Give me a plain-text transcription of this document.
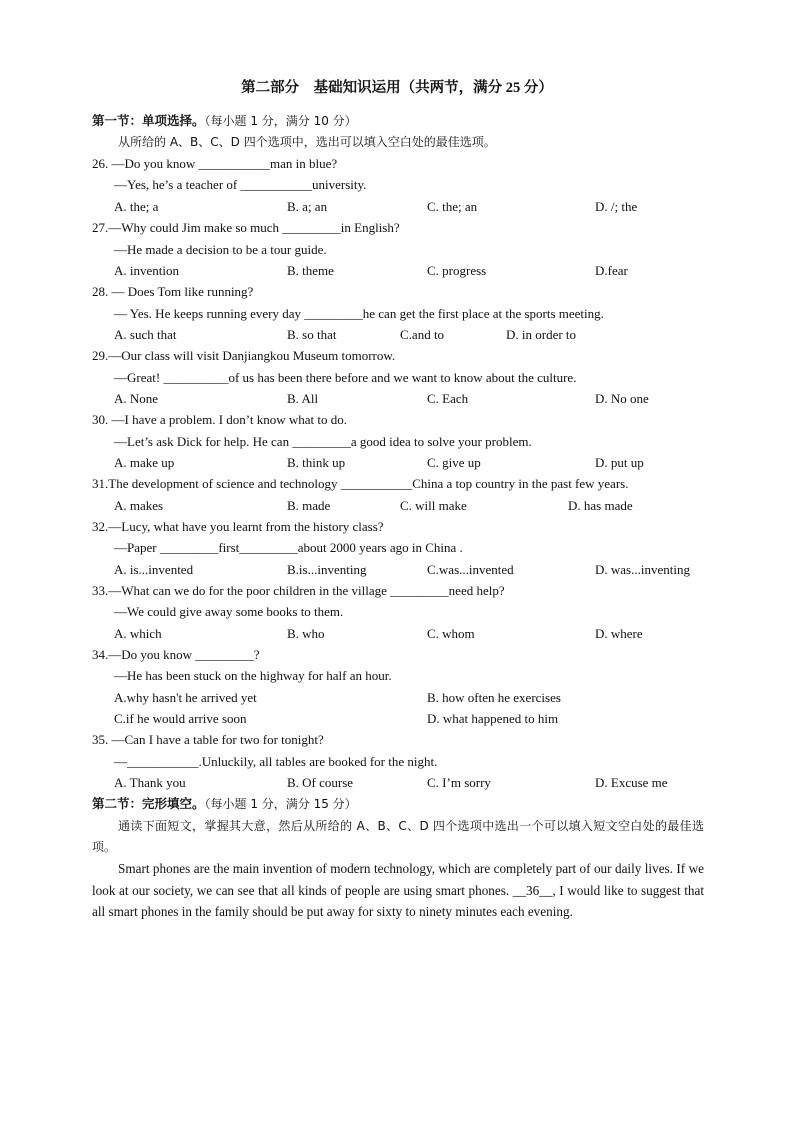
第二部分　基础知识运用（共两节，满分 25 分）
第一节：单项选择。（每小题 1 分，满分 10 分）
从所给的 A、B、C、D 四个选项中，选出可以填入空白处的最佳选项。
26. —Do you know ___________man in blue?
—Yes, he’s a teacher of ___________university.
A. the; a	B. a; an	C. the; an	D. /; the
27.—Why could Jim make so much _________in English?
—He made a decision to be a tour guide.
A. invention	B. theme	C. progress	D.fear
28. — Does Tom like running?
— Yes. He keeps running every day _________he can get the first place at the sports meeting.
A. such that	B. so that	C.and to	D. in order to
29.—Our class will visit Danjiangkou Museum tomorrow.
—Great! __________of us has been there before and we want to know about the culture.
A. None	B. All	C. Each	D. No one
30. —I have a problem. I don’t know what to do.
—Let’s ask Dick for help. He can _________a good idea to solve your problem.
A. make up	B. think up	C. give up	D. put up
31.The development of science and technology ___________China a top country in the past few years.
A. makes	B. made	C. will make	D. has made
32.—Lucy, what have you learnt from the history class?
—Paper _________first_________about 2000 years ago in China .
A. is...invented	B.is...inventing	C.was...invented	D. was...inventing
33.—What can we do for the poor children in the village _________need help?
—We could give away some books to them.
A. which	B. who	C. whom	D. where
34.—Do you know _________?
—He has been stuck on the highway for half an hour.
A.why hasn't he arrived yet	B. how often he exercises
C.if he would arrive soon	D. what happened to him
35. —Can I have a table for two for tonight?
—___________.Unluckily, all tables are booked for the night.
A. Thank you	B. Of course	C. I’m sorry	D. Excuse me
第二节：完形填空。（每小题 1 分，满分 15 分）

通读下面短文，掌握其大意，然后从所给的 A、B、C、D 四个选项中选出一个可以填入短文空白处的最佳选项。

Smart phones are the main invention of modern technology, which are completely part of our daily lives. If we look at our society, we can see that all kinds of people are using smart phones. __36__, I would like to suggest that all smart phones in the family should be put away for sixty to ninety minutes each evening.
